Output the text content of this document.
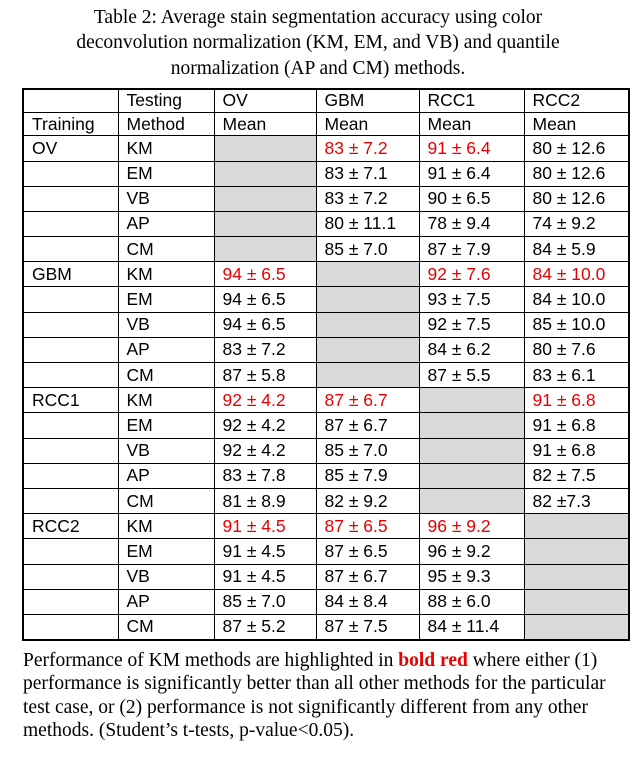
Table 2: Average stain segmentation accuracy using color
deconvolution normalization (KM, EM, and VB) and quantile
normalization (AP and CM) methods.
	Testing	OV	GBM	RCC1	RCC2
Training	Method	Mean	Mean	Mean	Mean
OV	KM		83 ± 7.2	91 ± 6.4	80 ± 12.6
	EM		83 ± 7.1	91 ± 6.4	80 ± 12.6
	VB		83 ± 7.2	90 ± 6.5	80 ± 12.6
	AP		80 ± 11.1	78 ± 9.4	74 ± 9.2
	CM		85 ± 7.0	87 ± 7.9	84 ± 5.9
GBM	KM	94 ± 6.5		92 ± 7.6	84 ± 10.0
	EM	94 ± 6.5		93 ± 7.5	84 ± 10.0
	VB	94 ± 6.5		92 ± 7.5	85 ± 10.0
	AP	83 ± 7.2		84 ± 6.2	80 ± 7.6
	CM	87 ± 5.8		87 ± 5.5	83 ± 6.1
RCC1	KM	92 ± 4.2	87 ± 6.7		91 ± 6.8
	EM	92 ± 4.2	87 ± 6.7		91 ± 6.8
	VB	92 ± 4.2	85 ± 7.0		91 ± 6.8
	AP	83 ± 7.8	85 ± 7.9		82 ± 7.5
	CM	81 ± 8.9	82 ± 9.2		82 ±7.3
RCC2	KM	91 ± 4.5	87 ± 6.5	96 ± 9.2	
	EM	91 ± 4.5	87 ± 6.5	96 ± 9.2	
	VB	91 ± 4.5	87 ± 6.7	95 ± 9.3	
	AP	85 ± 7.0	84 ± 8.4	88 ± 6.0	
	CM	87 ± 5.2	87 ± 7.5	84 ± 11.4	

Performance of KM methods are highlighted in bold red where either (1) performance is significantly better than all other methods for the particular test case, or (2) performance is not significantly different from any other methods. (Student’s t-tests, p-value<0.05).
